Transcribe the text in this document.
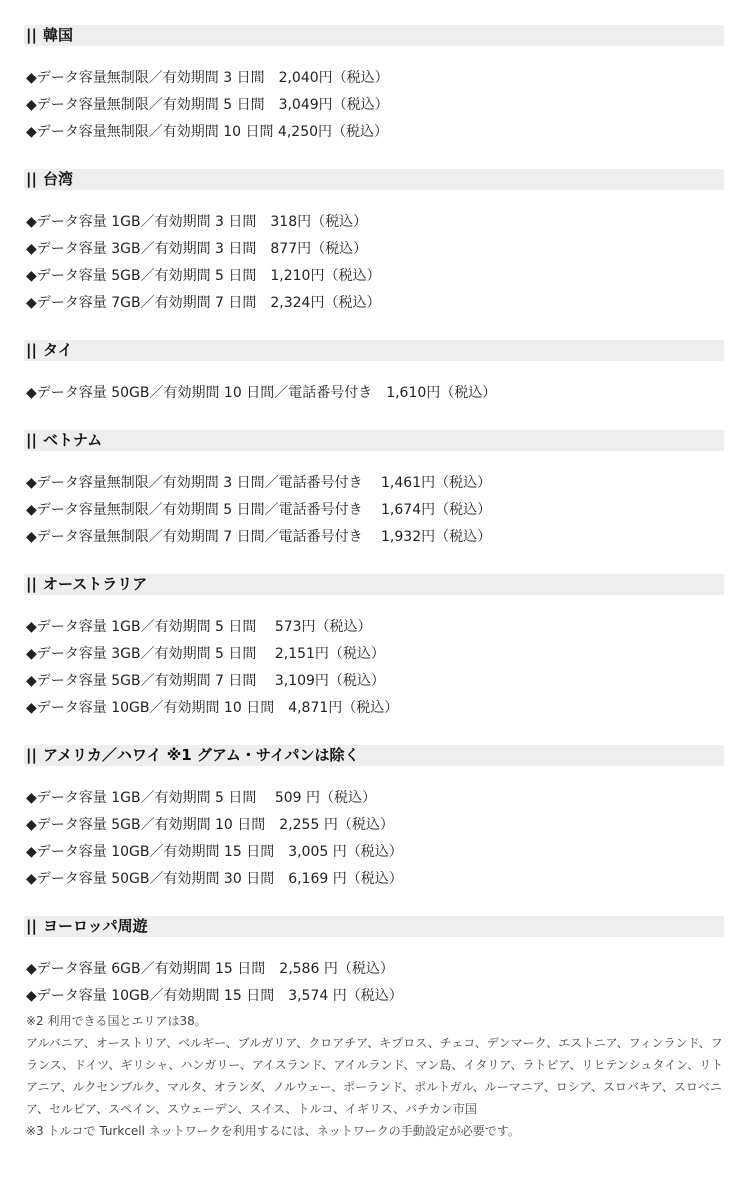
|| 韓国
◆データ容量無制限／有効期間 3 日間　2,040円（税込）
◆データ容量無制限／有効期間 5 日間　3,049円（税込）
◆データ容量無制限／有効期間 10 日間 4,250円（税込）
|| 台湾
◆データ容量 1GB／有効期間 3 日間　318円（税込）
◆データ容量 3GB／有効期間 3 日間　877円（税込）
◆データ容量 5GB／有効期間 5 日間　1,210円（税込）
◆データ容量 7GB／有効期間 7 日間　2,324円（税込）
|| タイ
◆データ容量 50GB／有効期間 10 日間／電話番号付き　1,610円（税込）
|| ベトナム
◆データ容量無制限／有効期間 3 日間／電話番号付き　 1,461円（税込）
◆データ容量無制限／有効期間 5 日間／電話番号付き　 1,674円（税込）
◆データ容量無制限／有効期間 7 日間／電話番号付き　 1,932円（税込）
|| オーストラリア
◆データ容量 1GB／有効期間 5 日間　 573円（税込）
◆データ容量 3GB／有効期間 5 日間　 2,151円（税込）
◆データ容量 5GB／有効期間 7 日間　 3,109円（税込）
◆データ容量 10GB／有効期間 10 日間　4,871円（税込）
|| アメリカ／ハワイ ※1 グアム・サイパンは除く
◆データ容量 1GB／有効期間 5 日間　 509 円（税込）
◆データ容量 5GB／有効期間 10 日間　2,255 円（税込）
◆データ容量 10GB／有効期間 15 日間　3,005 円（税込）
◆データ容量 50GB／有効期間 30 日間　6,169 円（税込）
|| ヨーロッパ周遊
◆データ容量 6GB／有効期間 15 日間　2,586 円（税込）
◆データ容量 10GB／有効期間 15 日間　3,574 円（税込）
※2 利用できる国とエリアは38。
アルバニア、オーストリア、ベルギー、ブルガリア、クロアチア、キプロス、チェコ、デンマーク、エストニア、フィンランド、フランス、ドイツ、ギリシャ、ハンガリー、アイスランド、アイルランド、マン島、イタリア、ラトビア、リヒテンシュタイン、リトアニア、ルクセンブルク、マルタ、オランダ、ノルウェー、ポーランド、ポルトガル、ルーマニア、ロシア、スロバキア、スロベニア、セルビア、スペイン、スウェーデン、スイス、トルコ、イギリス、バチカン市国
※3 トルコで Turkcell ネットワークを利用するには、ネットワークの手動設定が必要です。
